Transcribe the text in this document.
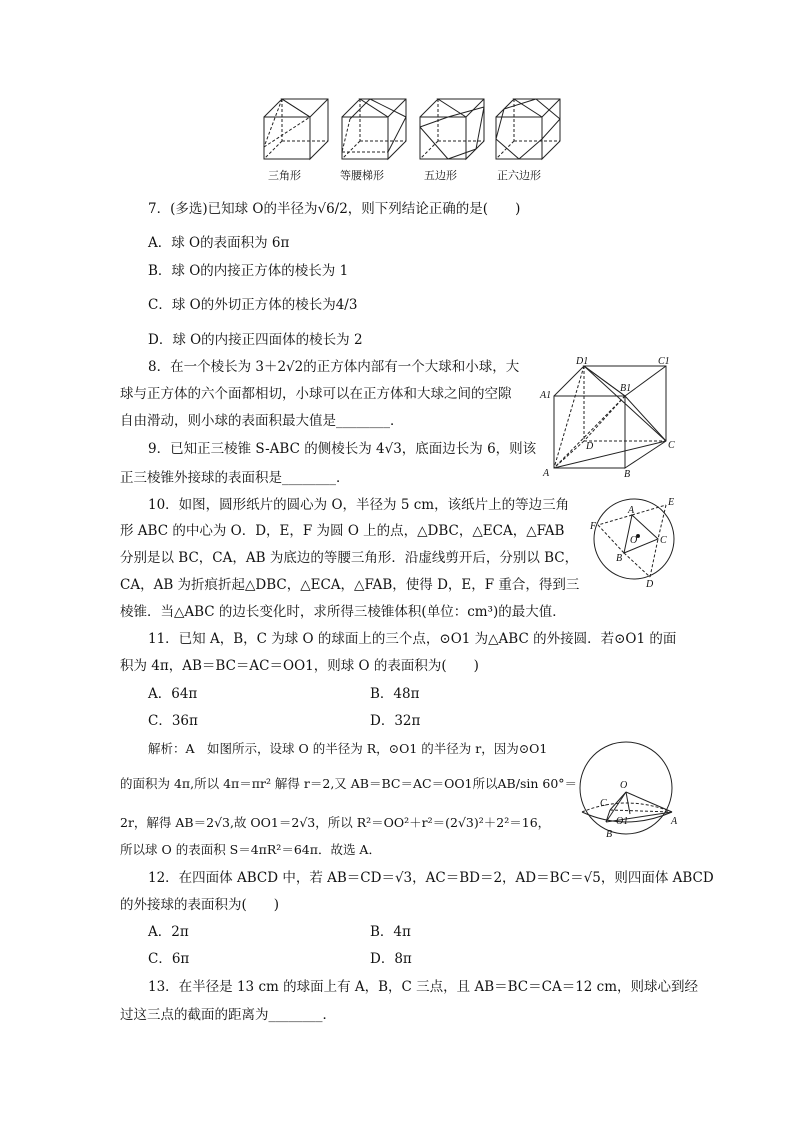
三角形	等腰梯形	五边形	正六边形
7．(多选)已知球 O的半径为√6/2，则下列结论正确的是(　　)
A．球 O的表面积为 6π
B．球 O的内接正方体的棱长为 1
C．球 O的外切正方体的棱长为4/3
D．球 O的内接正四面体的棱长为 2
8．在一个棱长为 3＋2√2的正方体内部有一个大球和小球，大
球与正方体的六个面都相切，小球可以在正方体和大球之间的空隙
自由滑动，则小球的表面积最大值是________．
D1	C1
A1
B1
D	C
A	B
9．已知正三棱锥 S-ABC 的侧棱长为 4√3，底面边长为 6，则该
正三棱锥外接球的表面积是________．
10．如图，圆形纸片的圆心为 O，半径为 5 cm，该纸片上的等边三角
形 ABC 的中心为 O．D，E，F 为圆 O 上的点，△DBC，△ECA，△FAB
分别是以 BC，CA，AB 为底边的等腰三角形．沿虚线剪开后，分别以 BC，
CA，AB 为折痕折起△DBC，△ECA，△FAB，使得 D，E，F 重合，得到三
棱锥．当△ABC 的边长变化时，求所得三棱锥体积(单位：cm³)的最大值．
E
F
A
O C
B
D
11．已知 A，B，C 为球 O 的球面上的三个点，⊙O1 为△ABC 的外接圆．若⊙O1 的面
积为 4π，AB＝BC＝AC＝OO1，则球 O 的表面积为(　　)
A．64π	B．48π
C．36π	D．32π
解析：A　如图所示，设球 O 的半径为 R，⊙O1 的半径为 r，因为⊙O1
的面积为 4π,所以 4π＝πr² 解得 r＝2,又 AB＝BC＝AC＝OO1所以AB/sin 60°＝
2r，解得 AB＝2√3,故 OO1＝2√3，所以 R²＝OO²＋r²＝(2√3)²＋2²＝16，
所以球 O 的表面积 S＝4πR²＝64π．故选 A．
O
C
O1	A
B
12．在四面体 ABCD 中，若 AB＝CD＝√3，AC＝BD＝2，AD＝BC＝√5，则四面体 ABCD
的外接球的表面积为(　　)
A．2π	B．4π
C．6π	D．8π
13．在半径是 13 cm 的球面上有 A，B，C 三点，且 AB＝BC＝CA＝12 cm，则球心到经
过这三点的截面的距离为________．
